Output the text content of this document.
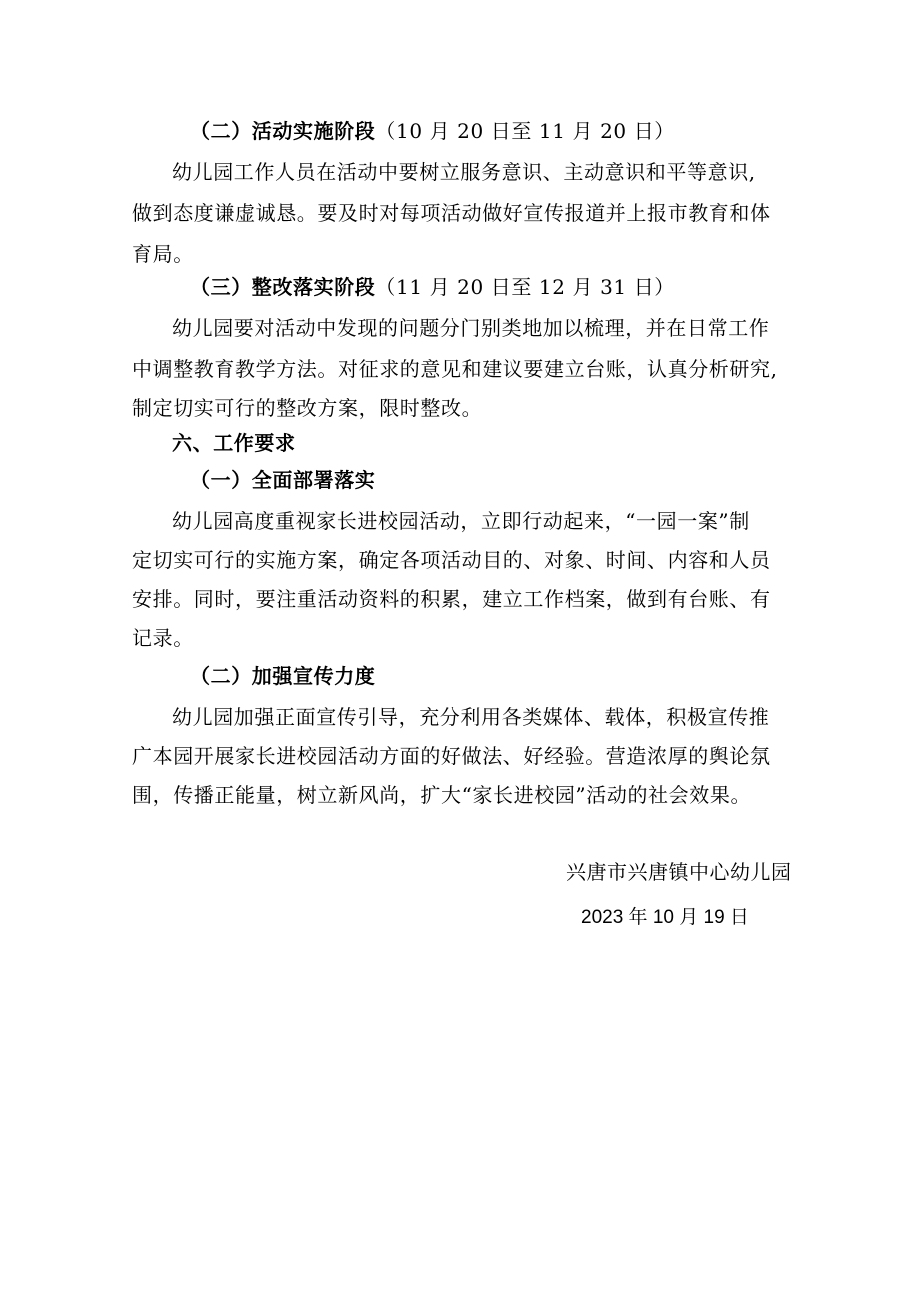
（二）活动实施阶段（10 月 20 日至 11 月 20 日）
幼儿园工作人员在活动中要树立服务意识、主动意识和平等意识,
做到态度谦虚诚恳。要及时对每项活动做好宣传报道并上报市教育和体
育局。
（三）整改落实阶段（11 月 20 日至 12 月 31 日）
幼儿园要对活动中发现的问题分门别类地加以梳理，并在日常工作
中调整教育教学方法。对征求的意见和建议要建立台账，认真分析研究,
制定切实可行的整改方案，限时整改。
六、工作要求
（一）全面部署落实
幼儿园高度重视家长进校园活动，立即行动起来，“一园一案”制
定切实可行的实施方案，确定各项活动目的、对象、时间、内容和人员
安排。同时，要注重活动资料的积累，建立工作档案，做到有台账、有
记录。
（二）加强宣传力度
幼儿园加强正面宣传引导，充分利用各类媒体、载体，积极宣传推
广本园开展家长进校园活动方面的好做法、好经验。营造浓厚的舆论氛
围，传播正能量，树立新风尚，扩大“家长进校园”活动的社会效果。
兴唐市兴唐镇中心幼儿园
2023 年 10 月 19 日
